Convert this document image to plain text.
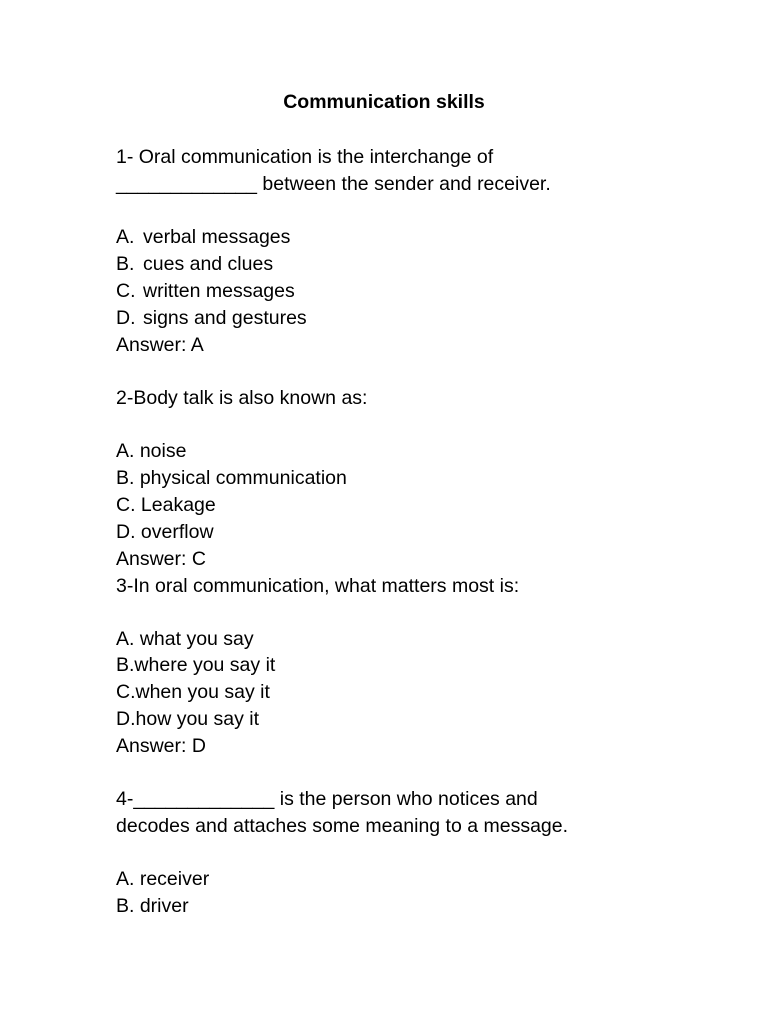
Communication skills
1- Oral communication is the interchange of
_____________ between the sender and receiver.
A. verbal messages
B. cues and clues
C. written messages
D. signs and gestures
Answer: A
2-Body talk is also known as:
A. noise
B. physical communication
C. Leakage
D. overflow
Answer: C
3-In oral communication, what matters most is:
A. what you say
B.where you say it
C.when you say it
D.how you say it
Answer: D
4-_____________ is the person who notices and
decodes and attaches some meaning to a message.
A. receiver
B. driver
